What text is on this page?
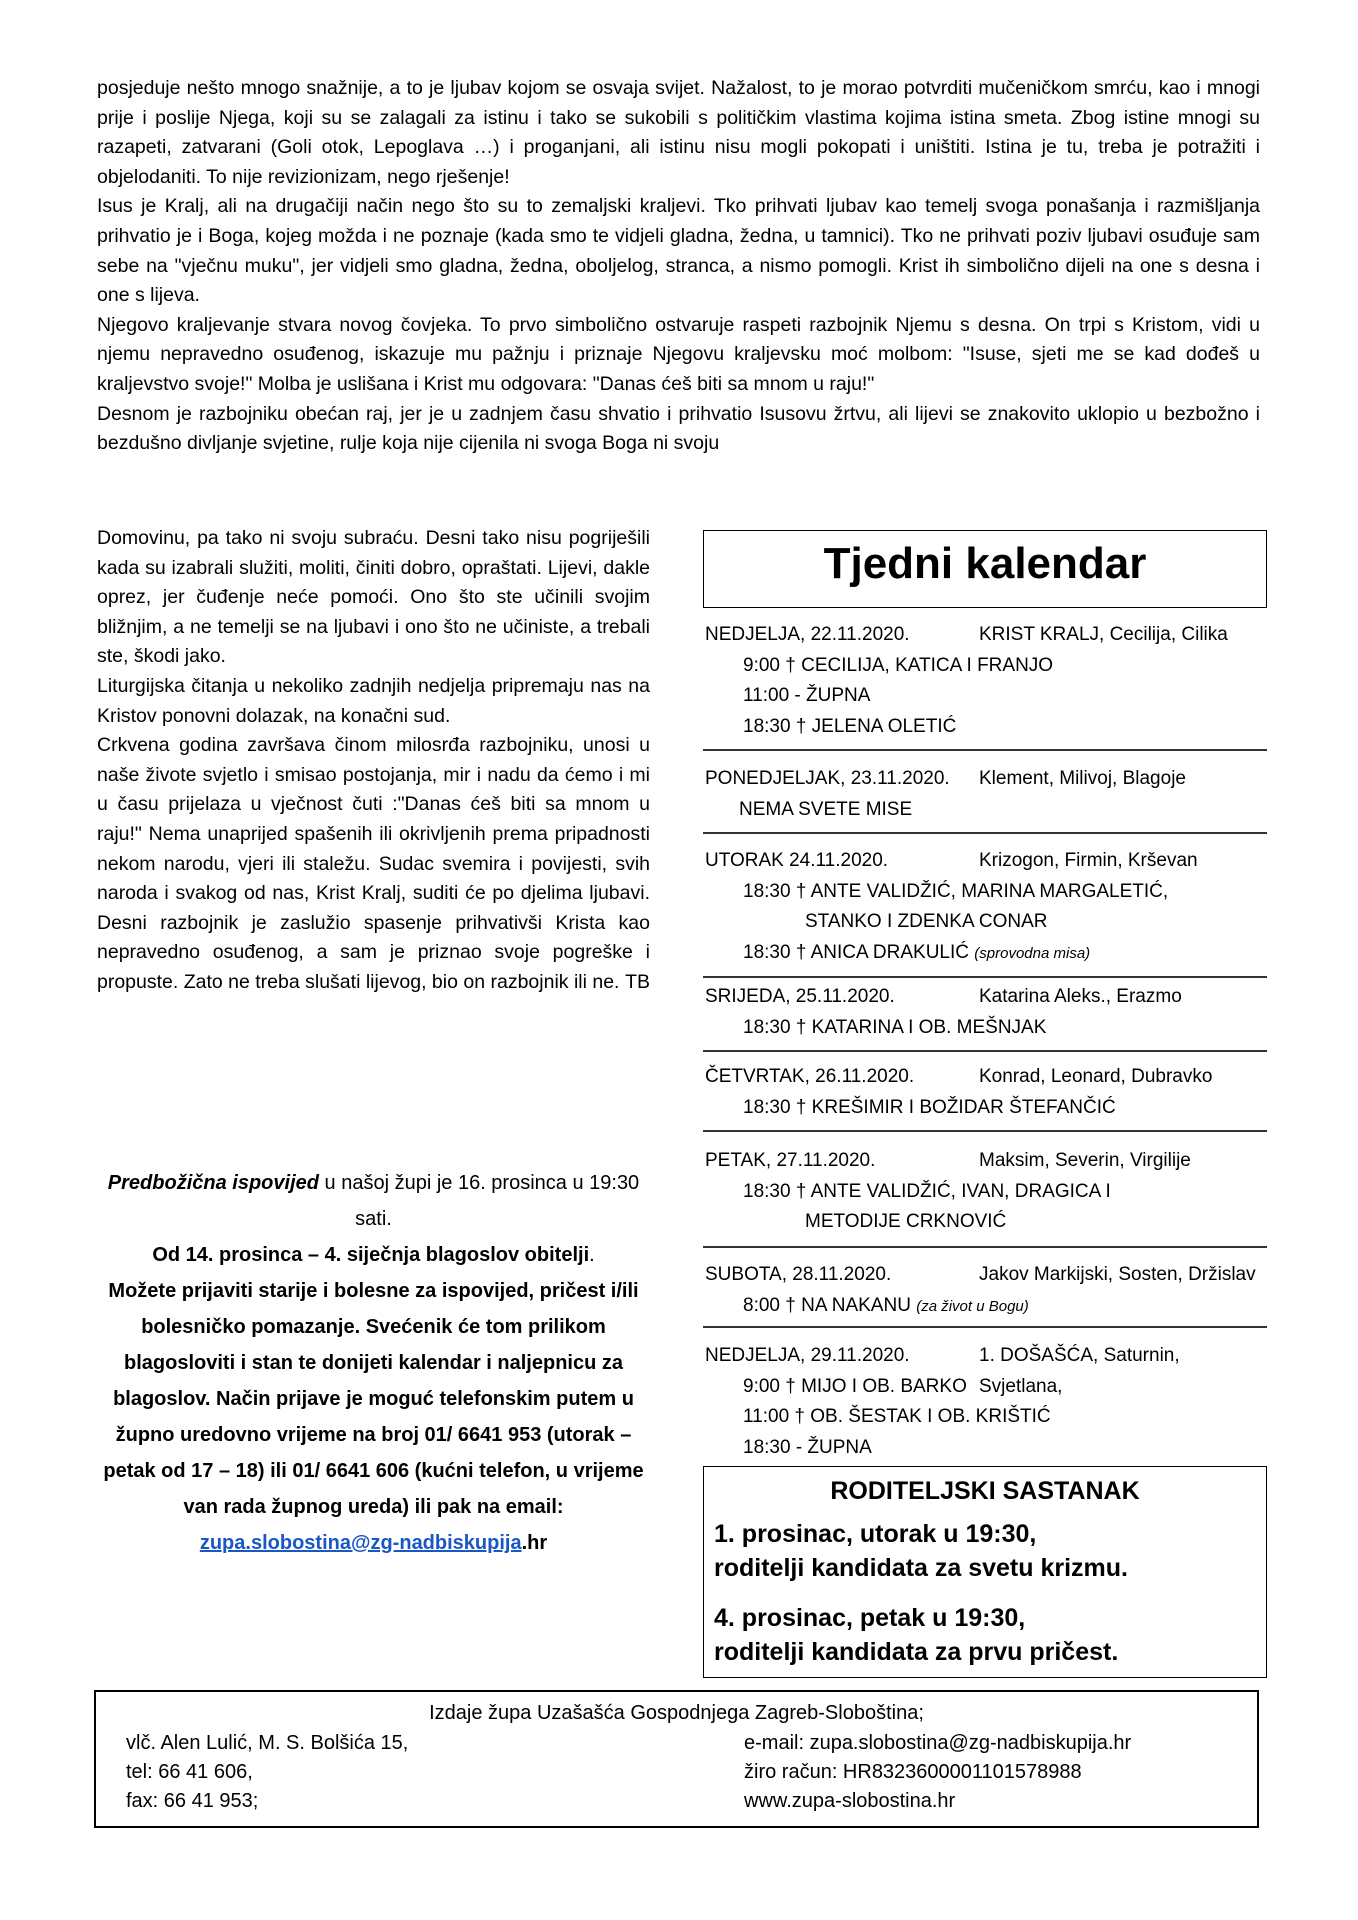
posjeduje nešto mnogo snažnije, a to je ljubav kojom se osvaja svijet. Nažalost, to je morao potvrditi mučeničkom smrću, kao i mnogi prije i poslije Njega, koji su se zalagali za istinu i tako se sukobili s političkim vlastima kojima istina smeta. Zbog istine mnogi su razapeti, zatvarani (Goli otok, Lepoglava …) i proganjani, ali istinu nisu mogli pokopati i uništiti. Istina je tu, treba je potražiti i objelodaniti. To nije revizionizam, nego rješenje!

Isus je Kralj, ali na drugačiji način nego što su to zemaljski kraljevi. Tko prihvati ljubav kao temelj svoga ponašanja i razmišljanja prihvatio je i Boga, kojeg možda i ne poznaje (kada smo te vidjeli gladna, žedna, u tamnici). Tko ne prihvati poziv ljubavi osuđuje sam sebe na "vječnu muku", jer vidjeli smo gladna, žedna, oboljelog, stranca, a nismo pomogli. Krist ih simbolično dijeli na one s desna i one s lijeva.

Njegovo kraljevanje stvara novog čovjeka. To prvo simbolično ostvaruje raspeti razbojnik Njemu s desna. On trpi s Kristom, vidi u njemu nepravedno osuđenog, iskazuje mu pažnju i priznaje Njegovu kraljevsku moć molbom: "Isuse, sjeti me se kad dođeš u kraljevstvo svoje!" Molba je uslišana i Krist mu odgovara: "Danas ćeš biti sa mnom u raju!"

Desnom je razbojniku obećan raj, jer je u zadnjem času shvatio i prihvatio Isusovu žrtvu, ali lijevi se znakovito uklopio u bezbožno i bezdušno divljanje svjetine, rulje koja nije cijenila ni svoga Boga ni svoju

Domovinu, pa tako ni svoju subraću. Desni tako nisu pogriješili kada su izabrali služiti, moliti, činiti dobro, opraštati. Lijevi, dakle oprez, jer čuđenje neće pomoći. Ono što ste učinili svojim bližnjim, a ne temelji se na ljubavi i ono što ne učiniste, a trebali ste, škodi jako.

Liturgijska čitanja u nekoliko zadnjih nedjelja pripremaju nas na Kristov ponovni dolazak, na konačni sud.

Crkvena godina završava činom milosrđa razbojniku, unosi u naše živote svjetlo i smisao postojanja, mir i nadu da ćemo i mi u času prijelaza u vječnost čuti :"Danas ćeš biti sa mnom u raju!" Nema unaprijed spašenih ili okrivljenih prema pripadnosti nekom narodu, vjeri ili staležu. Sudac svemira i povijesti, svih naroda i svakog od nas, Krist Kralj, suditi će po djelima ljubavi. Desni razbojnik je zaslužio spasenje prihvativši Krista kao nepravedno osuđenog, a sam je priznao svoje pogreške i propuste. Zato ne treba slušati lijevog, bio on razbojnik ili ne. TB

Predbožična ispovijed u našoj župi je 16. prosinca u 19:30 sati.

Od 14. prosinca – 4. siječnja blagoslov obitelji.

Možete prijaviti starije i bolesne za ispovijed, pričest i/ili bolesničko pomazanje. Svećenik će tom prilikom blagosloviti i stan te donijeti kalendar i naljepnicu za blagoslov. Način prijave je moguć telefonskim putem u župno uredovno vrijeme na broj 01/ 6641 953 (utorak – petak od 17 – 18) ili 01/ 6641 606 (kućni telefon, u vrijeme van rada župnog ureda) ili pak na email:
zupa.slobostina@zg-nadbiskupija.hr

Tjedni kalendar
NEDJELJA, 22.11.2020.	KRIST KRALJ, Cecilija, Cilika
9:00 † CECILIJA, KATICA I FRANJO
11:00 - ŽUPNA
18:30 † JELENA OLETIĆ
PONEDJELJAK, 23.11.2020. Klement, Milivoj, Blagoje
NEMA SVETE MISE
UTORAK 24.11.2020.	Krizogon, Firmin, Krševan
18:30 † ANTE VALIDŽIĆ, MARINA MARGALETIĆ,
STANKO I ZDENKA CONAR
18:30 † ANICA DRAKULIĆ (sprovodna misa)
SRIJEDA, 25.11.2020.	Katarina Aleks., Erazmo
18:30 † KATARINA I OB. MEŠNJAK
ČETVRTAK, 26.11.2020.	Konrad, Leonard, Dubravko
18:30 † KREŠIMIR I BOŽIDAR ŠTEFANČIĆ
PETAK, 27.11.2020.	Maksim, Severin, Virgilije
18:30 † ANTE VALIDŽIĆ, IVAN, DRAGICA I
METODIJE CRKNOVIĆ
SUBOTA, 28.11.2020.	Jakov Markijski, Sosten, Držislav
8:00 † NA NAKANU (za život u Bogu)
NEDJELJA, 29.11.2020.	1. DOŠAŠĆA, Saturnin, Svjetlana,
9:00 † MIJO I OB. BARKO
11:00 † OB. ŠESTAK I OB. KRIŠTIĆ
18:30 - ŽUPNA
RODITELJSKI SASTANAK
1. prosinac, utorak u 19:30,
roditelji kandidata za svetu krizmu.
4. prosinac, petak u 19:30,
roditelji kandidata za prvu pričest.
Izdaje župa Uzašašća Gospodnjega Zagreb-Sloboština;
vlč. Alen Lulić, M. S. Bolšića 15,
tel: 66 41 606,
fax: 66 41 953;
e-mail: zupa.slobostina@zg-nadbiskupija.hr
žiro račun: HR8323600001101578988
www.zupa-slobostina.hr
